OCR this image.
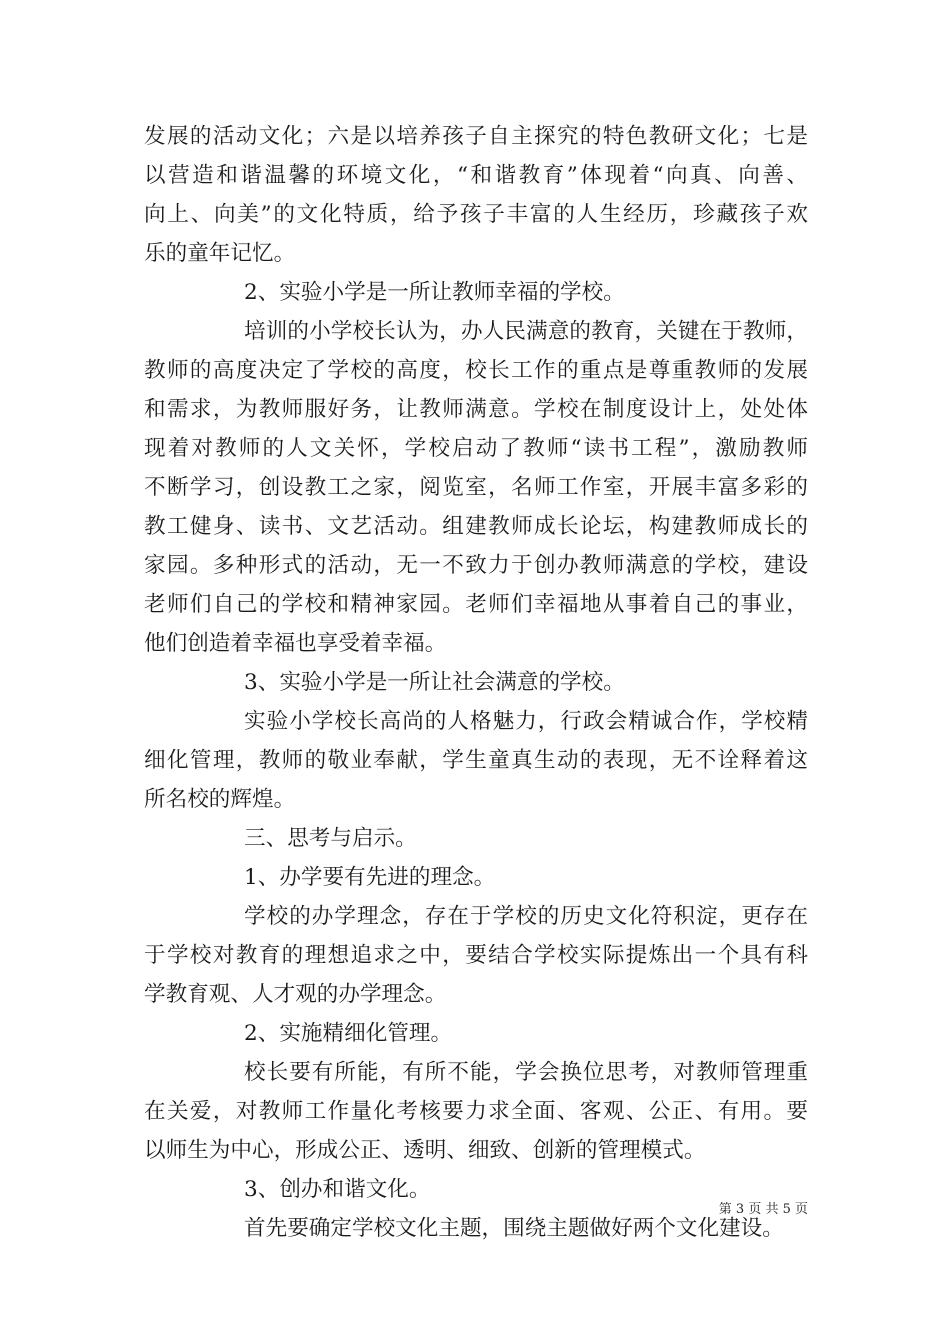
发展的活动文化；六是以培养孩子自主探究的特色教研文化；七是
以营造和谐温馨的环境文化，“和谐教育”体现着“向真、向善、
向上、向美”的文化特质，给予孩子丰富的人生经历，珍藏孩子欢
乐的童年记忆。
2、实验小学是一所让教师幸福的学校。
培训的小学校长认为，办人民满意的教育，关键在于教师，
教师的高度决定了学校的高度，校长工作的重点是尊重教师的发展
和需求，为教师服好务，让教师满意。学校在制度设计上，处处体
现着对教师的人文关怀，学校启动了教师“读书工程”，激励教师
不断学习，创设教工之家，阅览室，名师工作室，开展丰富多彩的
教工健身、读书、文艺活动。组建教师成长论坛，构建教师成长的
家园。多种形式的活动，无一不致力于创办教师满意的学校，建设
老师们自己的学校和精神家园。老师们幸福地从事着自己的事业，
他们创造着幸福也享受着幸福。
3、实验小学是一所让社会满意的学校。
实验小学校长高尚的人格魅力，行政会精诚合作，学校精
细化管理，教师的敬业奉献，学生童真生动的表现，无不诠释着这
所名校的辉煌。
三、思考与启示。
1、办学要有先进的理念。
学校的办学理念，存在于学校的历史文化符积淀，更存在
于学校对教育的理想追求之中，要结合学校实际提炼出一个具有科
学教育观、人才观的办学理念。
2、实施精细化管理。
校长要有所能，有所不能，学会换位思考，对教师管理重
在关爱，对教师工作量化考核要力求全面、客观、公正、有用。要
以师生为中心，形成公正、透明、细致、创新的管理模式。
3、创办和谐文化。
首先要确定学校文化主题，围绕主题做好两个文化建设。
第 3 页 共 5 页
